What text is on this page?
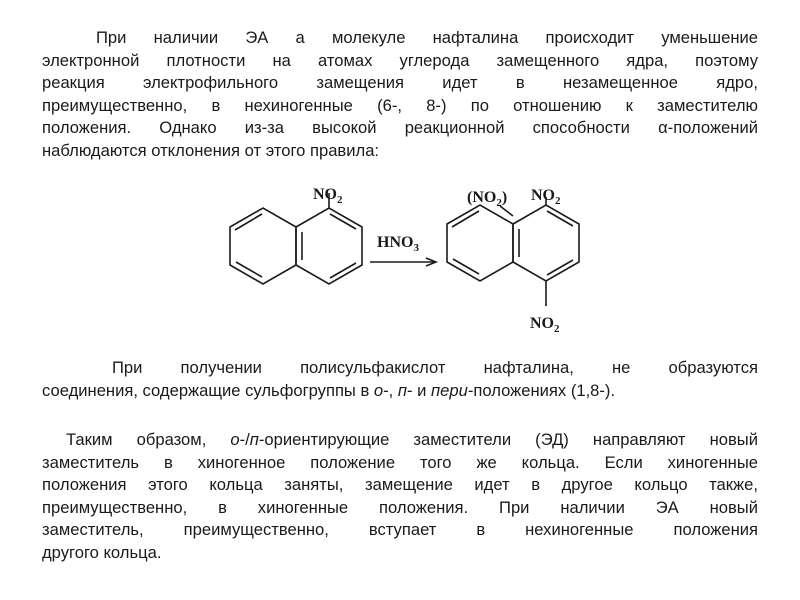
При наличии ЭА а молекуле нафталина происходит уменьшение
электронной плотности на атомах углерода замещенного ядра, поэтому
реакция электрофильного замещения идет в незамещенное ядро,
преимущественно, в нехиногенные (6-, 8-) по отношению к заместителю
положения. Однако из-за высокой реакционной способности α-положений
наблюдаются отклонения от этого правила:
$NO_2$
$HNO_3$
$(NO_2)$ $NO_2$
$NO_2$
При получении полисульфакислот нафталина, не образуются
соединения, содержащие сульфогруппы в о-, п- и пери-положениях (1,8-).
Таким образом, о-/п-ориентирующие заместители (ЭД) направляют новый
заместитель в хиногенное положение того же кольца. Если хиногенные
положения этого кольца заняты, замещение идет в другое кольцо также,
преимущественно, в хиногенные положения. При наличии ЭА новый
заместитель, преимущественно, вступает в нехиногенные положения
другого кольца.
